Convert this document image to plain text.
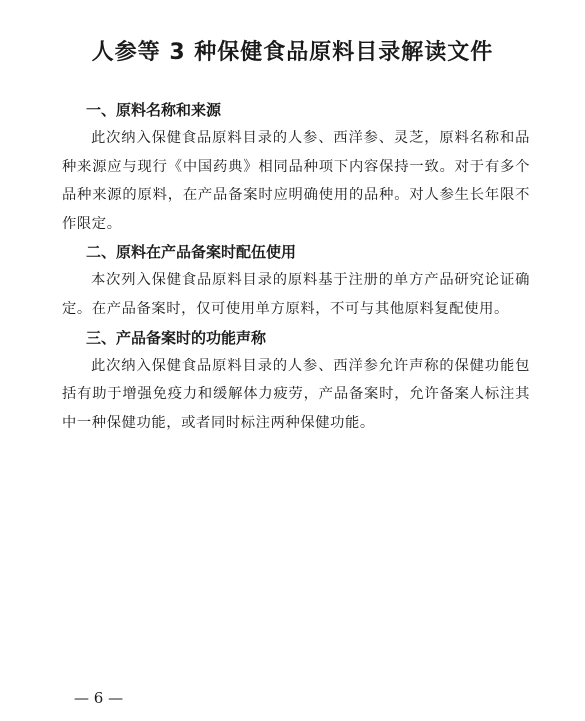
人参等 3 种保健食品原料目录解读文件
一、原料名称和来源

此次纳入保健食品原料目录的人参、西洋参、灵芝，原料名称和品种来源应与现行《中国药典》相同品种项下内容保持一致。对于有多个品种来源的原料，在产品备案时应明确使用的品种。对人参生长年限不作限定。

二、原料在产品备案时配伍使用

本次列入保健食品原料目录的原料基于注册的单方产品研究论证确定。在产品备案时，仅可使用单方原料，不可与其他原料复配使用。

三、产品备案时的功能声称

此次纳入保健食品原料目录的人参、西洋参允许声称的保健功能包括有助于增强免疫力和缓解体力疲劳，产品备案时，允许备案人标注其中一种保健功能，或者同时标注两种保健功能。

— 6 —
